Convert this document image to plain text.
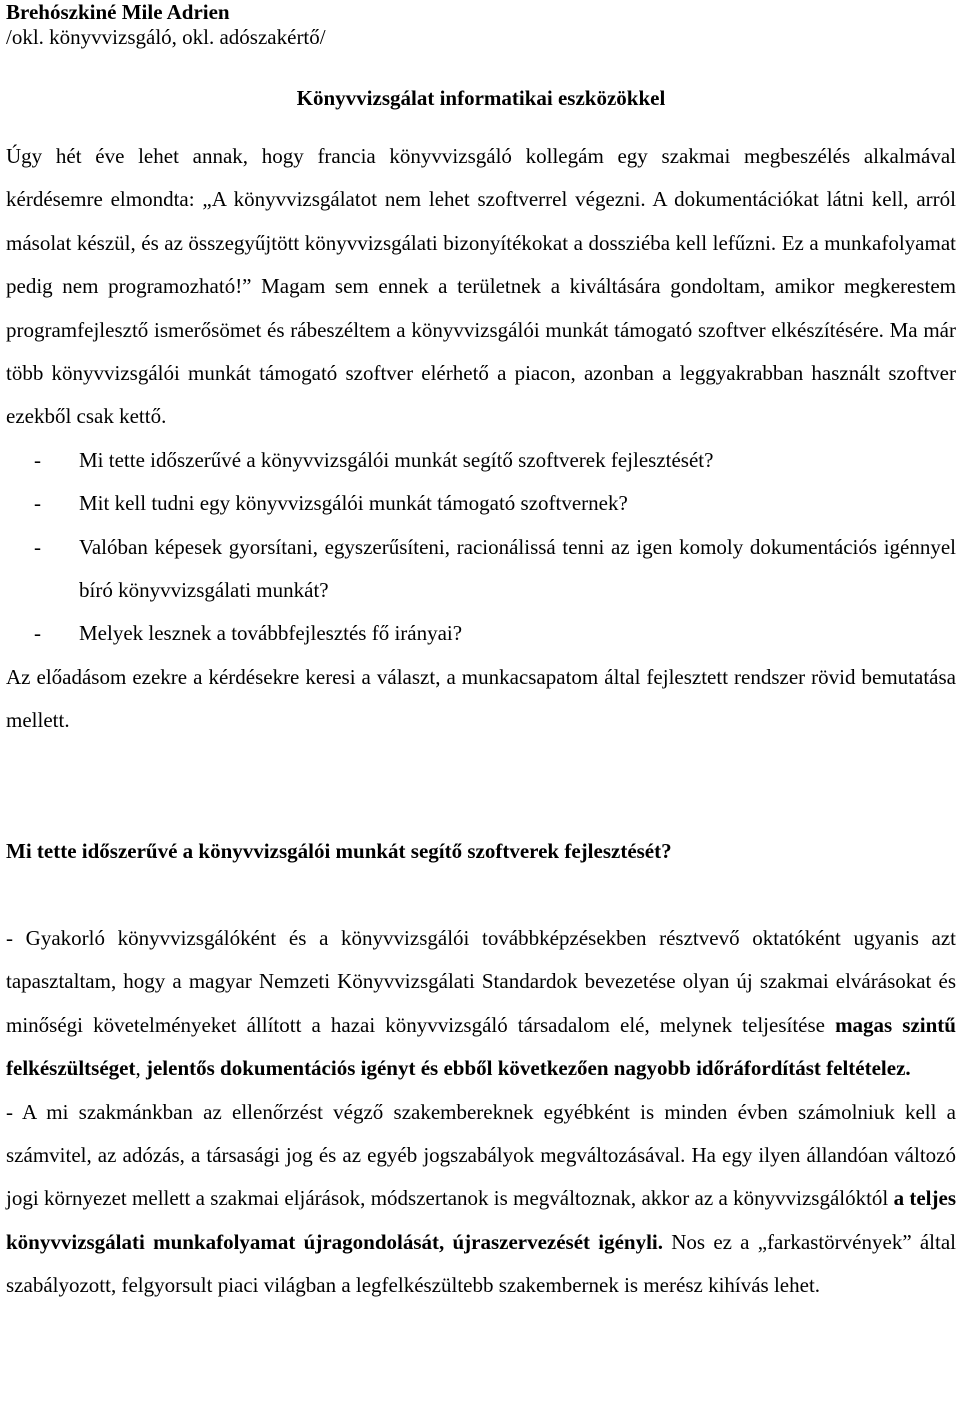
Brehószkiné Mile Adrien
/okl. könyvvizsgáló, okl. adószakértő/
Könyvvizsgálat informatikai eszközökkel

Úgy hét éve lehet annak, hogy francia könyvvizsgáló kollegám egy szakmai megbeszélés alkalmával kérdésemre elmondta: „A könyvvizsgálatot nem lehet szoftverrel végezni. A dokumentációkat látni kell, arról másolat készül, és az összegyűjtött könyvvizsgálati bizonyítékokat a dossziéba kell lefűzni. Ez a munkafolyamat pedig nem programozható!” Magam sem ennek a területnek a kiváltására gondoltam, amikor megkerestem programfejlesztő ismerősömet és rábeszéltem a könyvvizsgálói munkát támogató szoftver elkészítésére. Ma már több könyvvizsgálói munkát támogató szoftver elérhető a piacon, azonban a leggyakrabban használt szoftver ezekből csak kettő.

- Mi tette időszerűvé a könyvvizsgálói munkát segítő szoftverek fejlesztését?
- Mit kell tudni egy könyvvizsgálói munkát támogató szoftvernek?
- Valóban képesek gyorsítani, egyszerűsíteni, racionálissá tenni az igen komoly dokumentációs igénnyel bíró könyvvizsgálati munkát?
- Melyek lesznek a továbbfejlesztés fő irányai?

Az előadásom ezekre a kérdésekre keresi a választ, a munkacsapatom által fejlesztett rendszer rövid bemutatása mellett.

Mi tette időszerűvé a könyvvizsgálói munkát segítő szoftverek fejlesztését?

- Gyakorló könyvvizsgálóként és a könyvvizsgálói továbbképzésekben résztvevő oktatóként ugyanis azt tapasztaltam, hogy a magyar Nemzeti Könyvvizsgálati Standardok bevezetése olyan új szakmai elvárásokat és minőségi követelményeket állított a hazai könyvvizsgáló társadalom elé, melynek teljesítése magas szintű felkészültséget, jelentős dokumentációs igényt és ebből következően nagyobb időráfordítást feltételez.

- A mi szakmánkban az ellenőrzést végző szakembereknek egyébként is minden évben számolniuk kell a számvitel, az adózás, a társasági jog és az egyéb jogszabályok megváltozásával. Ha egy ilyen állandóan változó jogi környezet mellett a szakmai eljárások, módszertanok is megváltoznak, akkor az a könyvvizsgálóktól a teljes könyvvizsgálati munkafolyamat újragondolását, újraszervezését igényli. Nos ez a „farkastörvények” által szabályozott, felgyorsult piaci világban a legfelkészültebb szakembernek is merész kihívás lehet.
